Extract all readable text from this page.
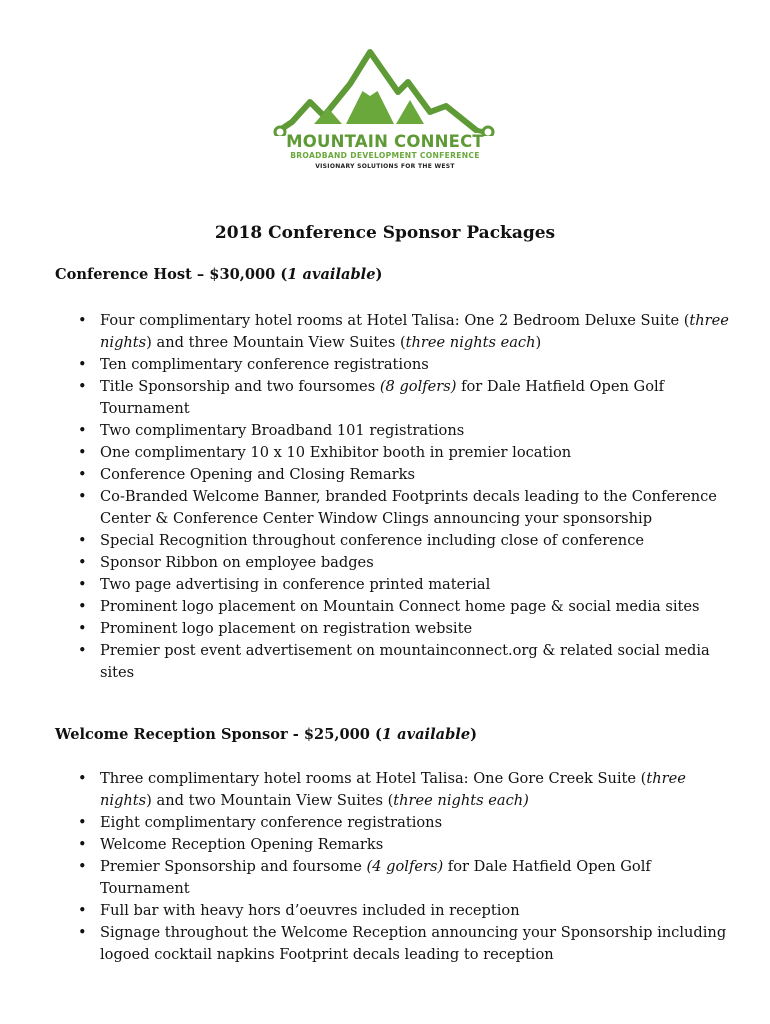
MOUNTAIN CONNECT
BROADBAND DEVELOPMENT CONFERENCE
VISIONARY SOLUTIONS FOR THE WEST
2018 Conference Sponsor Packages
Conference Host – $30,000 (1 available)
• Four complimentary hotel rooms at Hotel Talisa: One 2 Bedroom Deluxe Suite (three nights) and three Mountain View Suites (three nights each)
• Ten complimentary conference registrations
• Title Sponsorship and two foursomes (8 golfers) for Dale Hatfield Open Golf Tournament
• Two complimentary Broadband 101 registrations
• One complimentary 10 x 10 Exhibitor booth in premier location
• Conference Opening and Closing Remarks
• Co-Branded Welcome Banner, branded Footprints decals leading to the Conference Center & Conference Center Window Clings announcing your sponsorship
• Special Recognition throughout conference including close of conference
• Sponsor Ribbon on employee badges
• Two page advertising in conference printed material
• Prominent logo placement on Mountain Connect home page & social media sites
• Prominent logo placement on registration website
• Premier post event advertisement on mountainconnect.org & related social media sites
Welcome Reception Sponsor - $25,000 (1 available)
• Three complimentary hotel rooms at Hotel Talisa: One Gore Creek Suite (three nights) and two Mountain View Suites (three nights each)
• Eight complimentary conference registrations
• Welcome Reception Opening Remarks
• Premier Sponsorship and foursome (4 golfers) for Dale Hatfield Open Golf Tournament
• Full bar with heavy hors d’oeuvres included in reception
• Signage throughout the Welcome Reception announcing your Sponsorship including logoed cocktail napkins Footprint decals leading to reception
